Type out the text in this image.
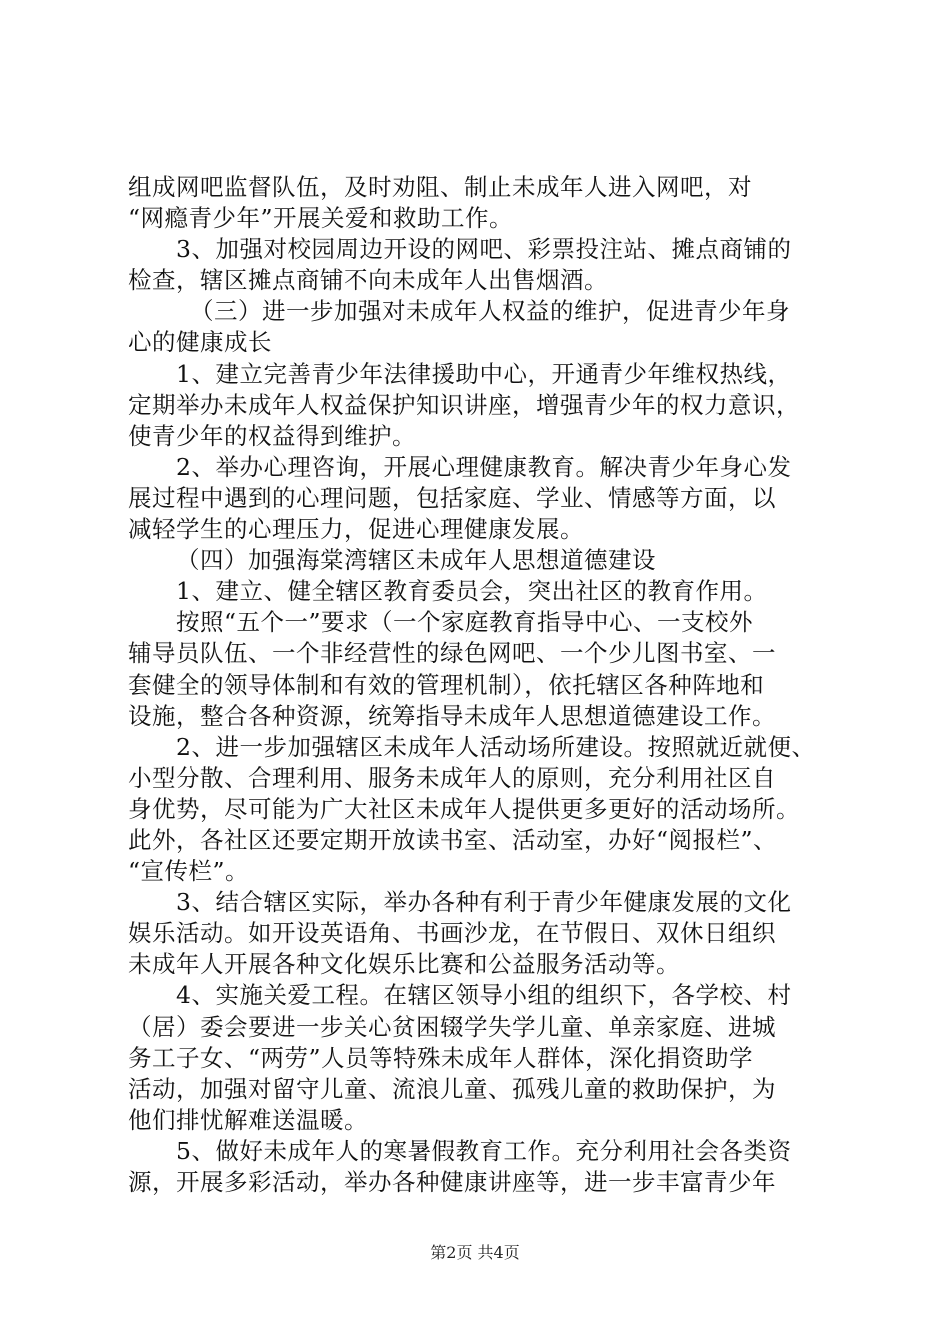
组成网吧监督队伍，及时劝阻、制止未成年人进入网吧，对
“网瘾青少年”开展关爱和救助工作。
3、加强对校园周边开设的网吧、彩票投注站、摊点商铺的
检查，辖区摊点商铺不向未成年人出售烟酒。
（三）进一步加强对未成年人权益的维护，促进青少年身
心的健康成长
1、建立完善青少年法律援助中心，开通青少年维权热线，
定期举办未成年人权益保护知识讲座，增强青少年的权力意识，
使青少年的权益得到维护。
2、举办心理咨询，开展心理健康教育。解决青少年身心发
展过程中遇到的心理问题，包括家庭、学业、情感等方面，以
减轻学生的心理压力，促进心理健康发展。
（四）加强海棠湾辖区未成年人思想道德建设
1、建立、健全辖区教育委员会，突出社区的教育作用。
按照“五个一”要求（一个家庭教育指导中心、一支校外
辅导员队伍、一个非经营性的绿色网吧、一个少儿图书室、一
套健全的领导体制和有效的管理机制），依托辖区各种阵地和
设施，整合各种资源，统筹指导未成年人思想道德建设工作。
2、进一步加强辖区未成年人活动场所建设。按照就近就便、
小型分散、合理利用、服务未成年人的原则，充分利用社区自
身优势，尽可能为广大社区未成年人提供更多更好的活动场所。
此外，各社区还要定期开放读书室、活动室，办好“阅报栏”、
“宣传栏”。
3、结合辖区实际，举办各种有利于青少年健康发展的文化
娱乐活动。如开设英语角、书画沙龙，在节假日、双休日组织
未成年人开展各种文化娱乐比赛和公益服务活动等。
4、实施关爱工程。在辖区领导小组的组织下，各学校、村
（居）委会要进一步关心贫困辍学失学儿童、单亲家庭、进城
务工子女、“两劳”人员等特殊未成年人群体，深化捐资助学
活动，加强对留守儿童、流浪儿童、孤残儿童的救助保护，为
他们排忧解难送温暖。
5、做好未成年人的寒暑假教育工作。充分利用社会各类资
源，开展多彩活动，举办各种健康讲座等，进一步丰富青少年
第2页 共4页
